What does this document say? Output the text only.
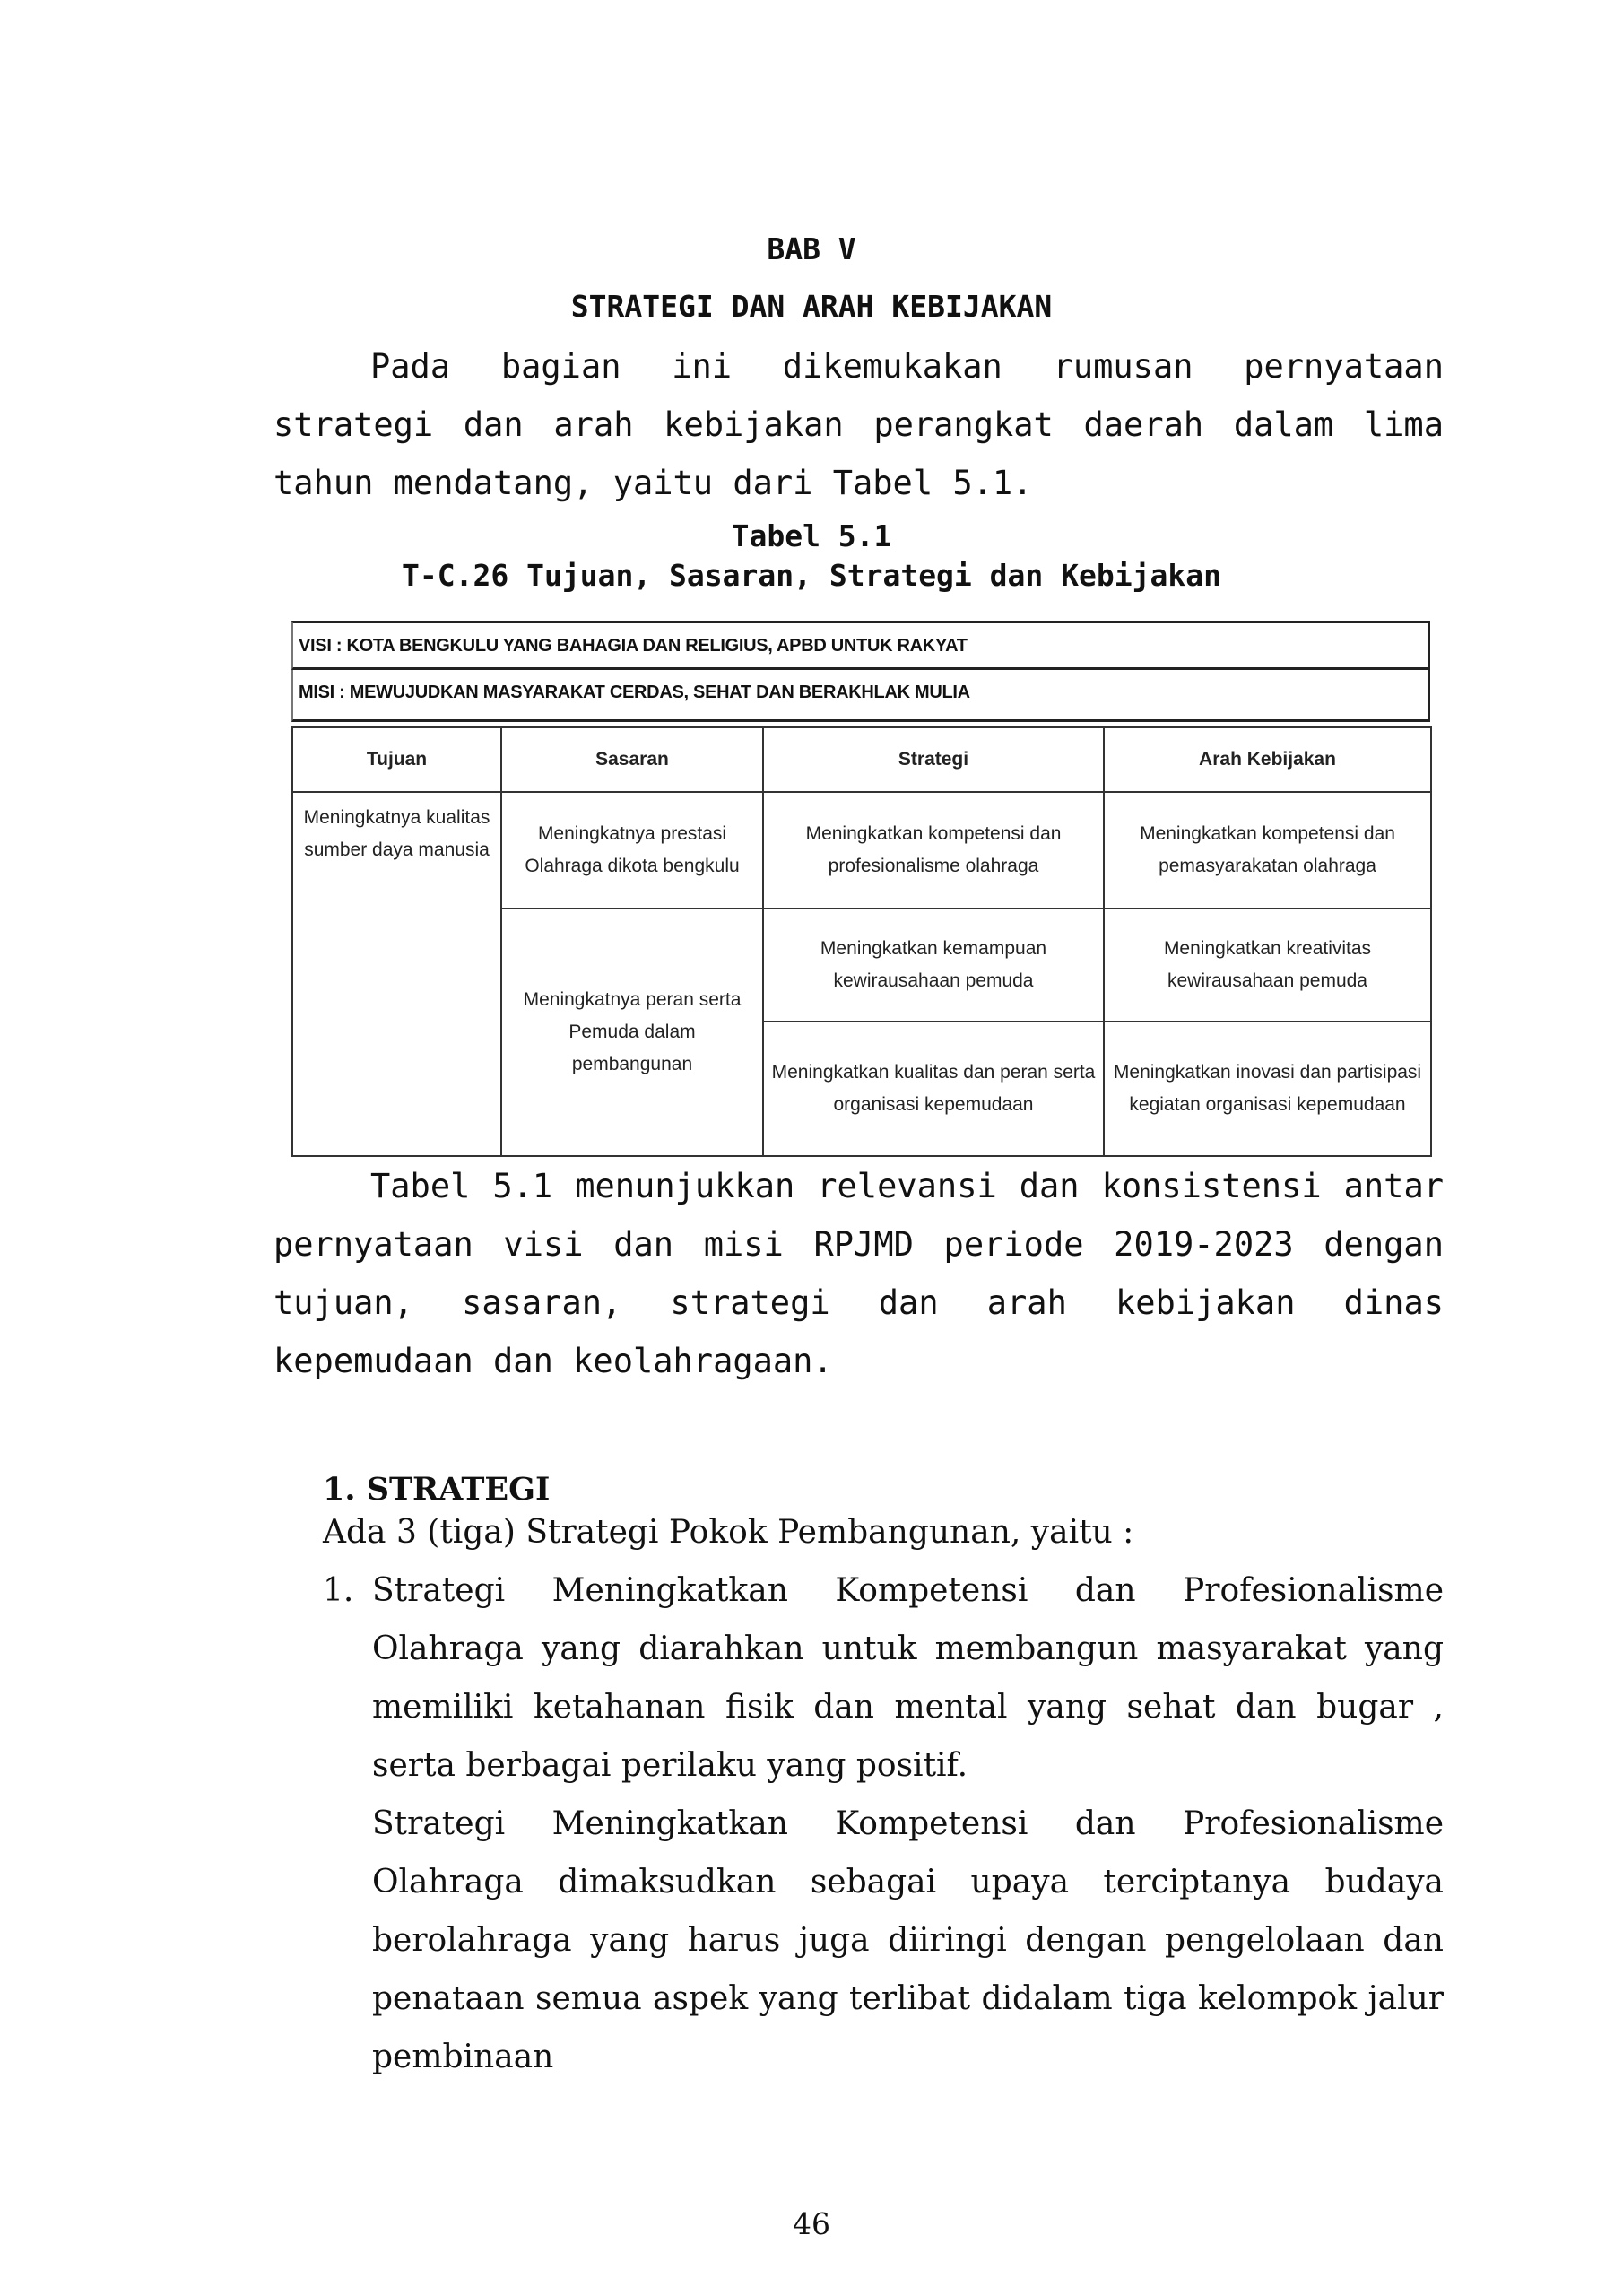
BAB V
STRATEGI DAN ARAH KEBIJAKAN
Pada bagian ini dikemukakan rumusan pernyataan strategi dan arah kebijakan perangkat daerah dalam lima tahun mendatang, yaitu dari Tabel 5.1.
Tabel 5.1
T-C.26 Tujuan, Sasaran, Strategi dan Kebijakan
VISI : KOTA BENGKULU YANG BAHAGIA DAN RELIGIUS, APBD UNTUK RAKYAT
MISI : MEWUJUDKAN MASYARAKAT CERDAS, SEHAT DAN BERAKHLAK MULIA
Tujuan	Sasaran	Strategi	Arah Kebijakan
Meningkatnya kualitas sumber daya manusia	Meningkatnya prestasi Olahraga dikota bengkulu	Meningkatkan kompetensi dan profesionalisme olahraga	Meningkatkan kompetensi dan pemasyarakatan olahraga
	Meningkatnya peran serta Pemuda dalam pembangunan	Meningkatkan kemampuan kewirausahaan pemuda	Meningkatkan kreativitas kewirausahaan pemuda
		Meningkatkan kualitas dan peran serta organisasi kepemudaan	Meningkatkan inovasi dan partisipasi kegiatan organisasi kepemudaan
Tabel 5.1 menunjukkan relevansi dan konsistensi antar pernyataan visi dan misi RPJMD periode 2019-2023 dengan tujuan, sasaran, strategi dan arah kebijakan dinas kepemudaan dan keolahragaan.
1. STRATEGI
Ada 3 (tiga) Strategi Pokok Pembangunan, yaitu :
1. Strategi Meningkatkan Kompetensi dan Profesionalisme Olahraga yang diarahkan untuk membangun masyarakat yang memiliki ketahanan fisik dan mental yang sehat dan bugar , serta berbagai perilaku yang positif.

Strategi Meningkatkan Kompetensi dan Profesionalisme Olahraga dimaksudkan sebagai upaya terciptanya budaya berolahraga yang harus juga diiringi dengan pengelolaan dan penataan semua aspek yang terlibat didalam tiga kelompok jalur pembinaan

46
